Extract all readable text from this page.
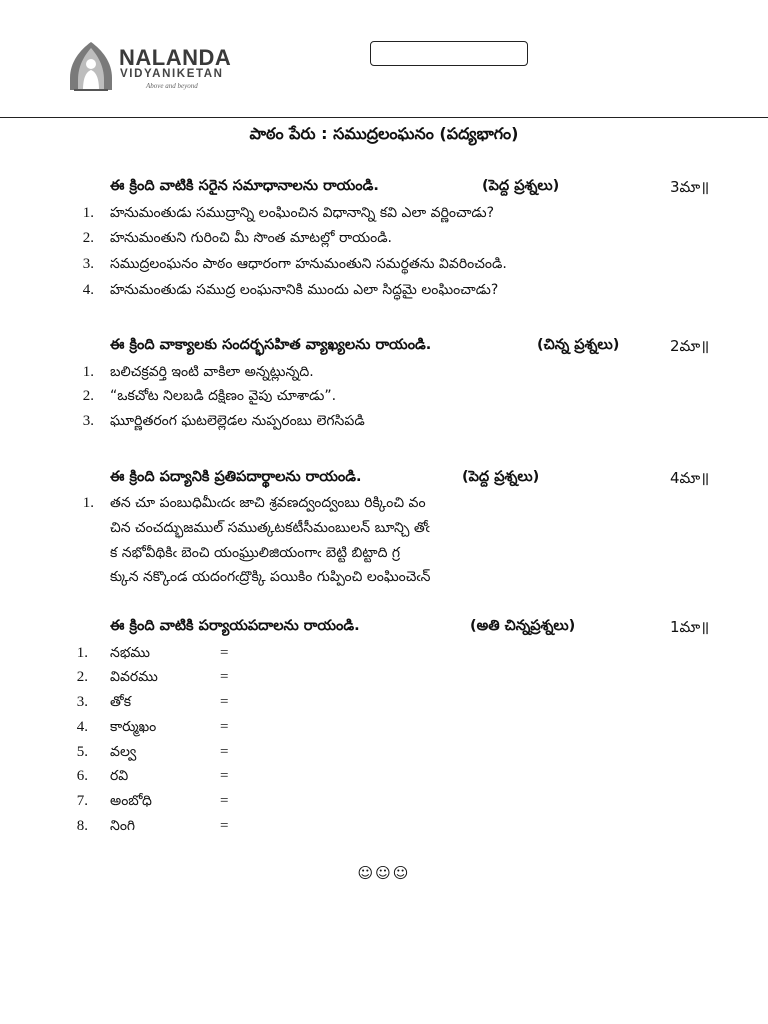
NALANDA
VIDYANIKETAN
Above and beyond
పాఠం పేరు : సముద్రలంఘనం (పద్యభాగం)
ఈ క్రింది వాటికి సరైన సమాధానాలను రాయండి.	(పెద్ద ప్రశ్నలు)	3మా॥
1. హనుమంతుడు సముద్రాన్ని లంఘించిన విధానాన్ని కవి ఎలా వర్ణించాడు?
2. హనుమంతుని గురించి మీ సొంత మాటల్లో రాయండి.
3. సముద్రలంఘనం పాఠం ఆధారంగా హనుమంతుని సమర్థతను వివరించండి.
4. హనుమంతుడు సముద్ర లంఘనానికి ముందు ఎలా సిద్ధమై లంఘించాడు?
ఈ క్రింది వాక్యాలకు సందర్భసహిత వ్యాఖ్యలను రాయండి.	(చిన్న ప్రశ్నలు)	2మా॥
1. బలిచక్రవర్తి ఇంటి వాకిలా అన్నట్లున్నది.
2. “ఒకచోట నిలబడి దక్షిణం వైపు చూశాడు”.
3. ఘూర్ణితరంగ ఘటలెల్లెడల నుప్పరంబు లెగసిపడి
ఈ క్రింది పద్యానికి ప్రతిపదార్థాలను రాయండి.	(పెద్ద ప్రశ్నలు)	4మా॥
1. తన చూ పంబుధిమీఁదఁ జాచి శ్రవణద్వంద్వంబు రిక్కించి వం
చిన చంచద్భుజముల్ సముత్కటకటీసీమంబులన్ బూన్చి తోఁ
క నభోవీథికిఁ బెంచి యంఘ్రులిజియంగాఁ బెట్టి బిట్టాది గ్ర
క్కున నక్కొండ యదంగఁద్రొక్కి పయికిం గుప్పించి లంఘించెఁన్
ఈ క్రింది వాటికి పర్యాయపదాలను రాయండి.	(అతి చిన్నప్రశ్నలు)	1మా॥
1. నభము	=
2. వివరము	=
3. తోక	=
4. కార్ముఖం	=
5. వల్వ	=
6. రవి	=
7. అంబోధి	=
8. నింగి	=
☺☺☺
